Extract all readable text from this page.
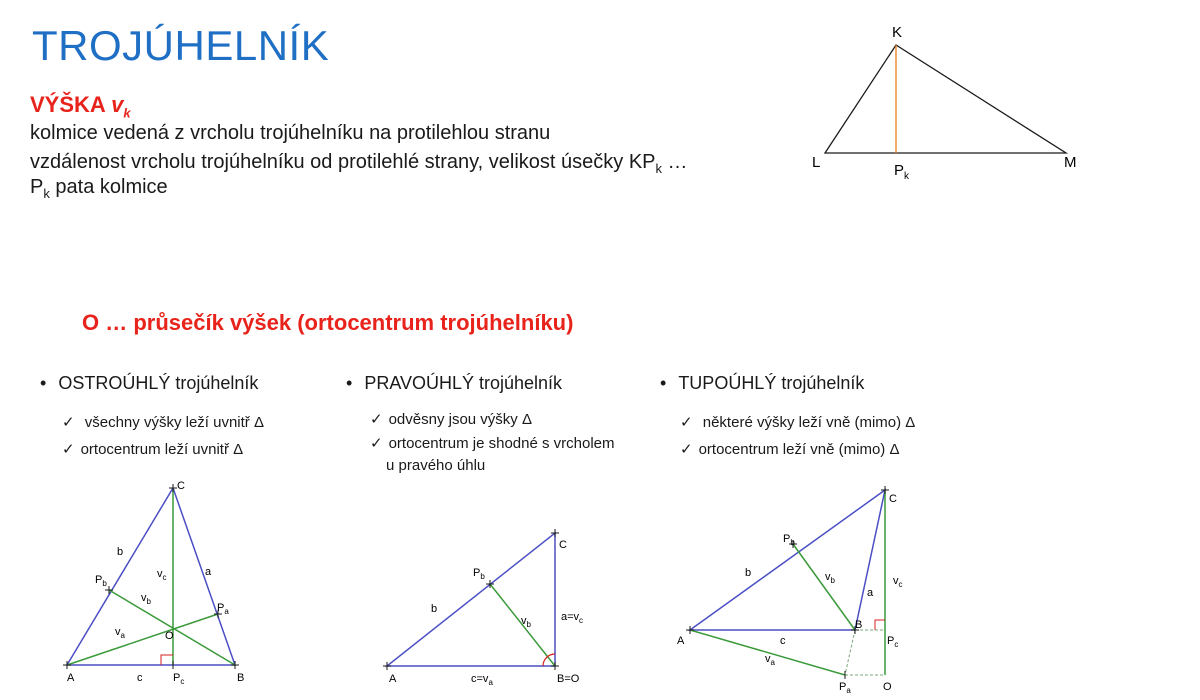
TROJÚHELNÍK
VÝŠKA $v_k$
kolmice vedená z vrcholu trojúhelníku na protilehlou stranu
vzdálenost vrcholu trojúhelníku od protilehlé strany, velikost úsečky $KP_k$ …
$P_k$ pata kolmice
K
L	M
$P_k$
O … průsečík výšek (ortocentrum trojúhelníku)
• OSTROÚHLÝ trojúhelník
✓ všechny výšky leží uvnitř Δ
✓ ortocentrum leží uvnitř Δ
• PRAVOÚHLÝ trojúhelník
✓ odvěsny jsou výšky Δ
✓ ortocentrum je shodné s vrcholem
u pravého úhlu
• TUPOÚHLÝ trojúhelník
✓ některé výšky leží vně (mimo) Δ
✓ ortocentrum leží vně (mimo) Δ
C
A	B
b
a
c
$P_b$
$P_a$
$P_c$
$v_c$
$v_b$
$v_a$	O
C
A	B=O
b
$c=v_a$
$a=v_c$
$P_b$
$v_b$
C
A
B
b
a
c
$P_b$
$P_c$
$P_a$	O
$v_c$
$v_b$
$v_a$
